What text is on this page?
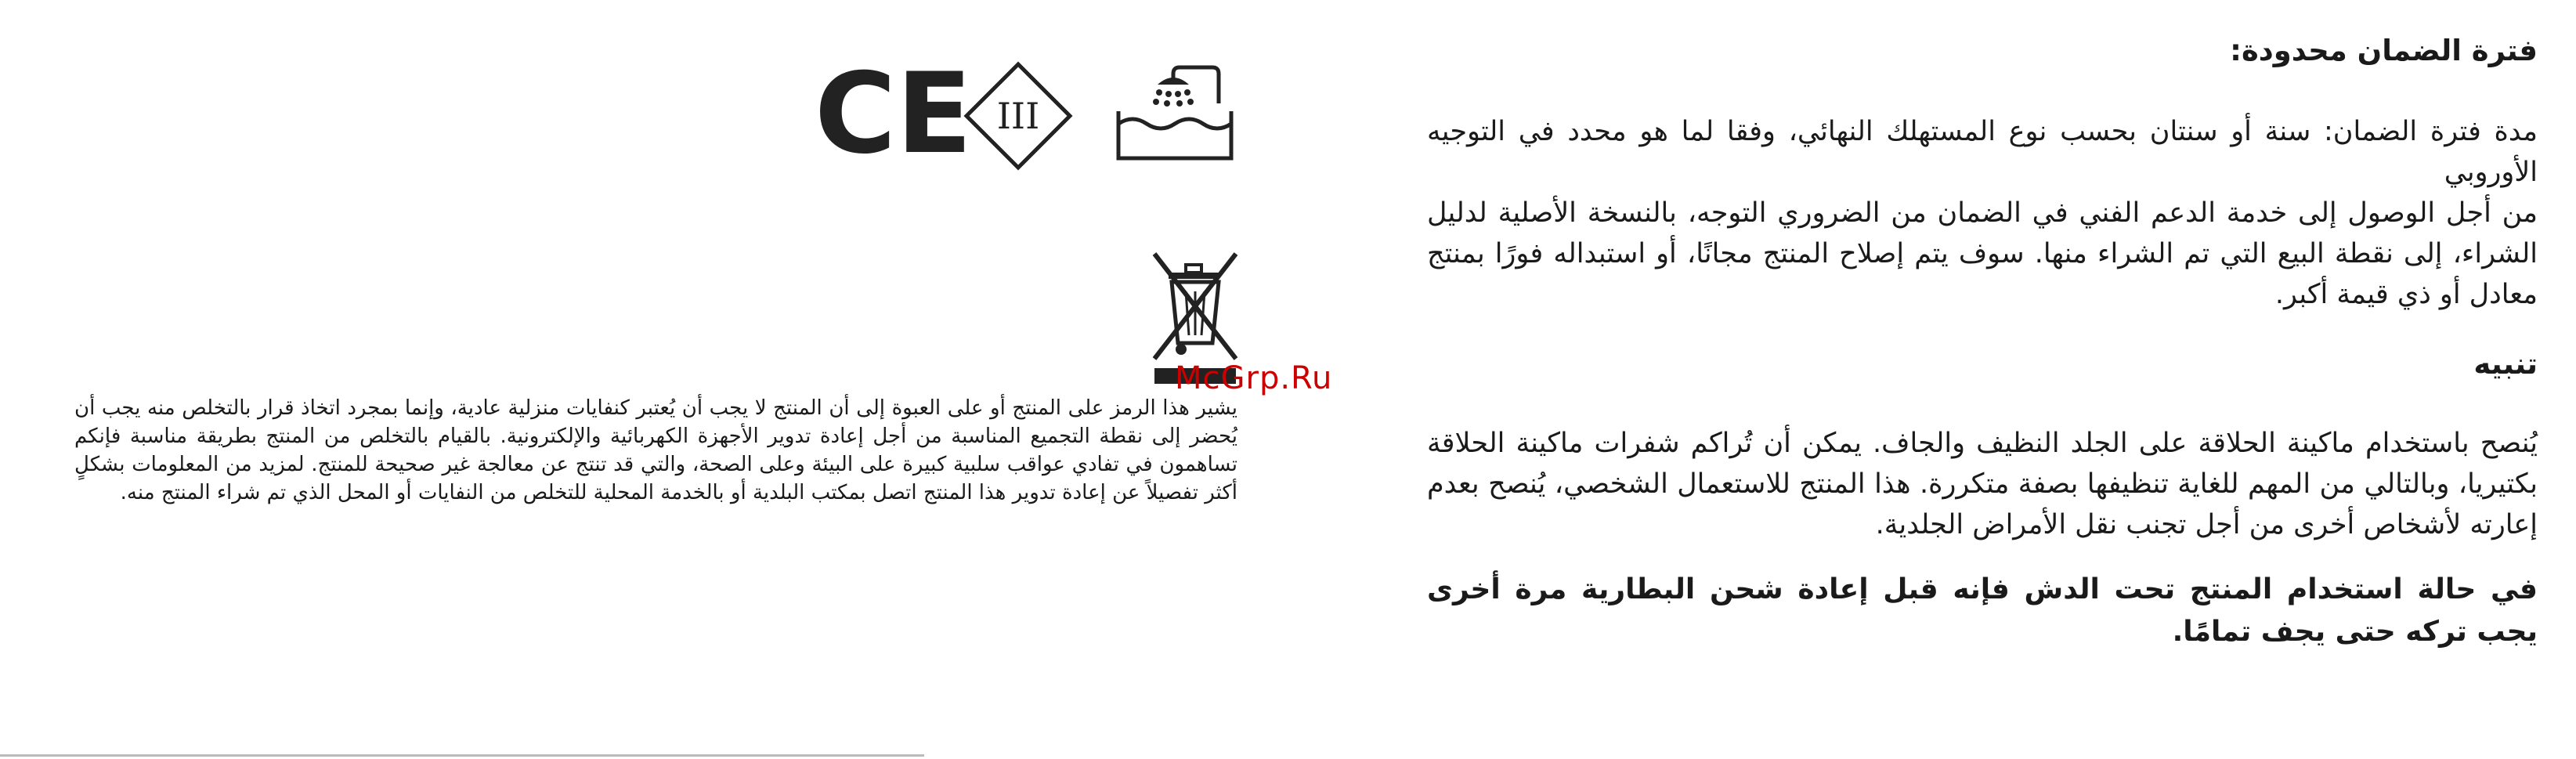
فترة الضمان محدودة:

مدة فترة الضمان: سنة أو سنتان بحسب نوع المستهلك النهائي، وفقا لما هو محدد في التوجيه الأوروبي

من أجل الوصول إلى خدمة الدعم الفني في الضمان من الضروري التوجه، بالنسخة الأصلية لدليل الشراء، إلى نقطة البيع التي تم الشراء منها. سوف يتم إصلاح المنتج مجانًا، أو استبداله فورًا بمنتج معادل أو ذي قيمة أكبر.

تنبيه

يُنصح باستخدام ماكينة الحلاقة على الجلد النظيف والجاف. يمكن أن تُراكم شفرات ماكينة الحلاقة بكتيريا، وبالتالي من المهم للغاية تنظيفها بصفة متكررة. هذا المنتج للاستعمال الشخصي، يُنصح بعدم إعارته لأشخاص أخرى من أجل تجنب نقل الأمراض الجلدية.

في حالة استخدام المنتج تحت الدش فإنه قبل إعادة شحن البطارية مرة أخرى يجب تركه حتى يجف تمامًا.

CE III
McGrp.Ru

يشير هذا الرمز على المنتج أو على العبوة إلى أن المنتج لا يجب أن يُعتبر كنفايات منزلية عادية، وإنما بمجرد اتخاذ قرار بالتخلص منه يجب أن يُحضر إلى نقطة التجميع المناسبة من أجل إعادة تدوير الأجهزة الكهربائية والإلكترونية. بالقيام بالتخلص من المنتج بطريقة مناسبة فإنكم تساهمون في تفادي عواقب سلبية كبيرة على البيئة وعلى الصحة، والتي قد تنتج عن معالجة غير صحيحة للمنتج. لمزيد من المعلومات بشكلٍ أكثر تفصيلاً عن إعادة تدوير هذا المنتج اتصل بمكتب البلدية أو بالخدمة المحلية للتخلص من النفايات أو المحل الذي تم شراء المنتج منه.
